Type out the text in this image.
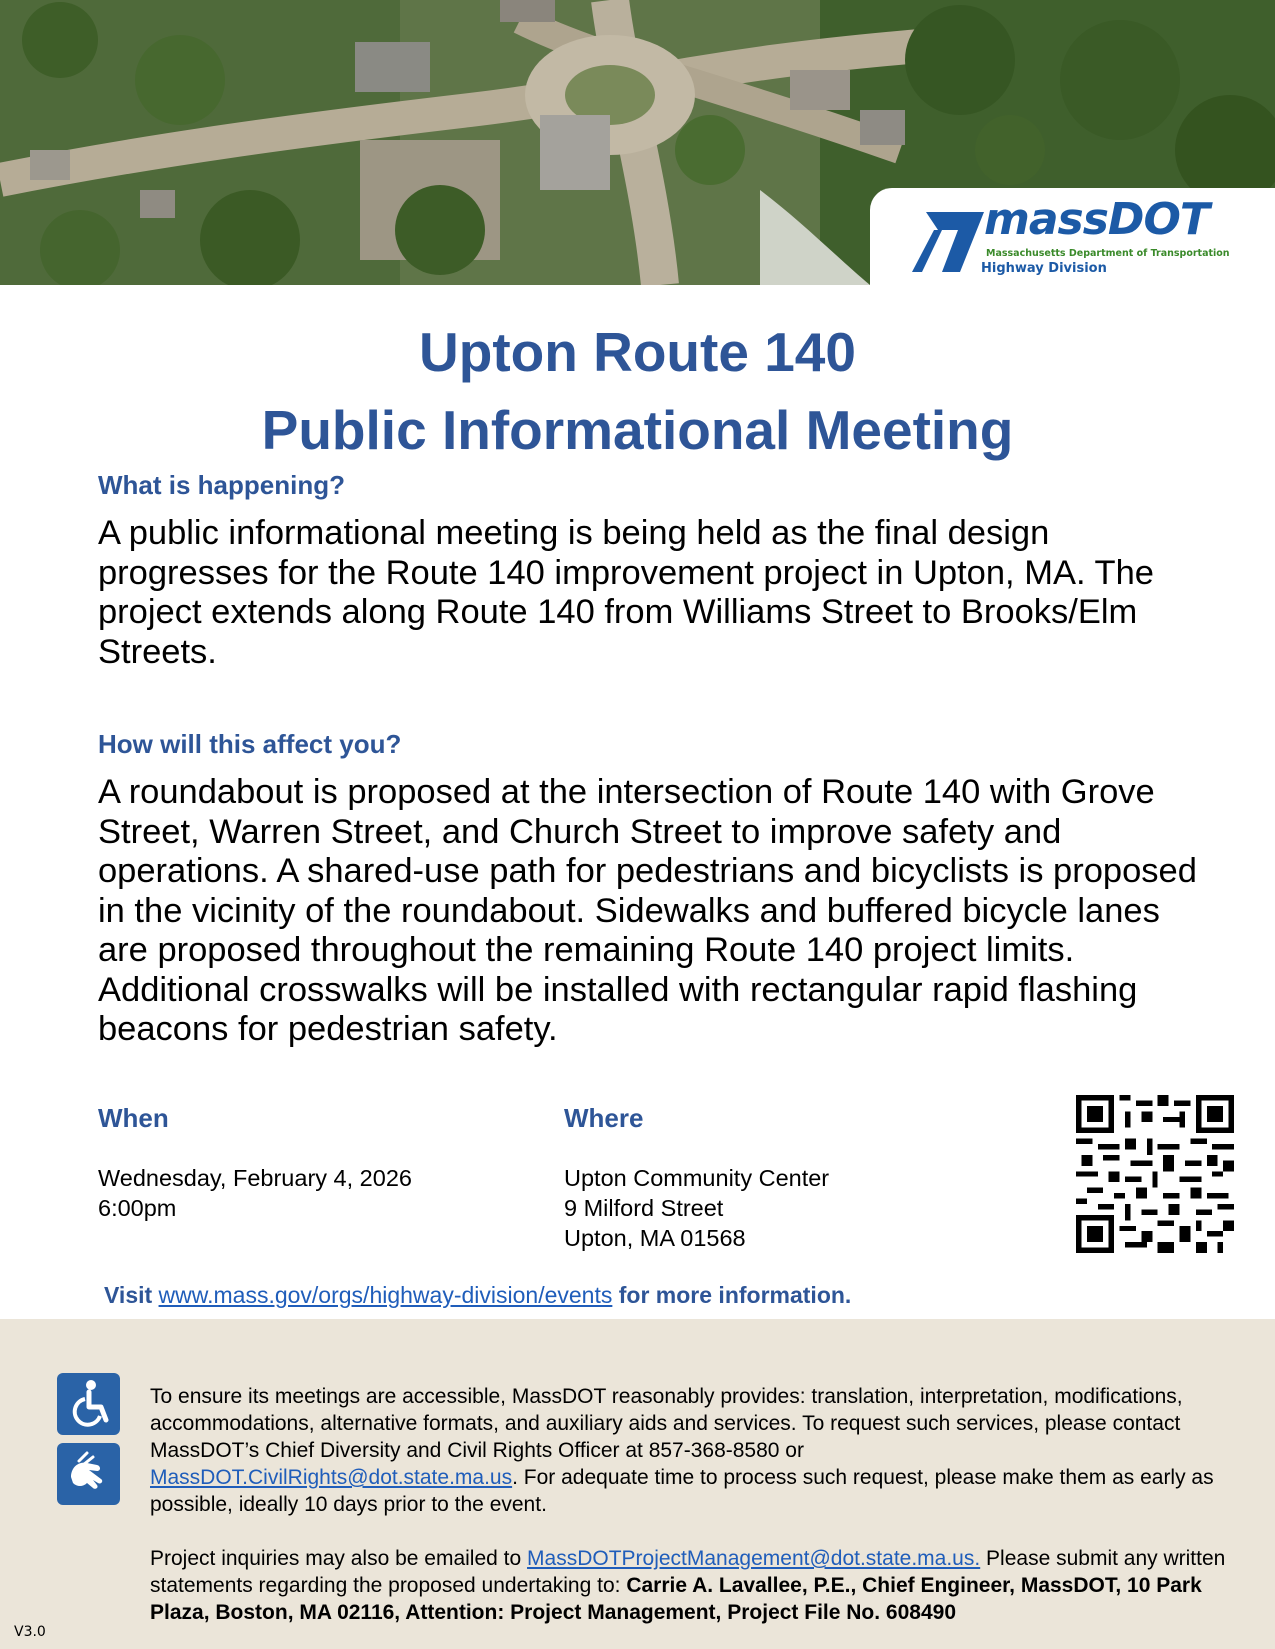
massDOT
Massachusetts Department of Transportation
Highway Division
Upton Route 140
Public Informational Meeting
What is happening?
A public informational meeting is being held as the final design progresses for the Route 140 improvement project in Upton, MA. The project extends along Route 140 from Williams Street to Brooks/Elm Streets.
How will this affect you?
A roundabout is proposed at the intersection of Route 140 with Grove Street, Warren Street, and Church Street to improve safety and operations. A shared-use path for pedestrians and bicyclists is proposed in the vicinity of the roundabout. Sidewalks and buffered bicycle lanes are proposed throughout the remaining Route 140 project limits. Additional crosswalks will be installed with rectangular rapid flashing beacons for pedestrian safety.
When
Wednesday, February 4, 2026
6:00pm
Where
Upton Community Center
9 Milford Street
Upton, MA 01568
Visit www.mass.gov/orgs/highway-division/events for more information.
To ensure its meetings are accessible, MassDOT reasonably provides: translation, interpretation, modifications, accommodations, alternative formats, and auxiliary aids and services. To request such services, please contact MassDOT’s Chief Diversity and Civil Rights Officer at 857-368-8580 or
MassDOT.CivilRights@dot.state.ma.us. For adequate time to process such request, please make them as early as possible, ideally 10 days prior to the event.
Project inquiries may also be emailed to MassDOTProjectManagement@dot.state.ma.us. Please submit any written statements regarding the proposed undertaking to: Carrie A. Lavallee, P.E., Chief Engineer, MassDOT, 10 Park Plaza, Boston, MA 02116, Attention: Project Management, Project File No. 608490
V3.0
